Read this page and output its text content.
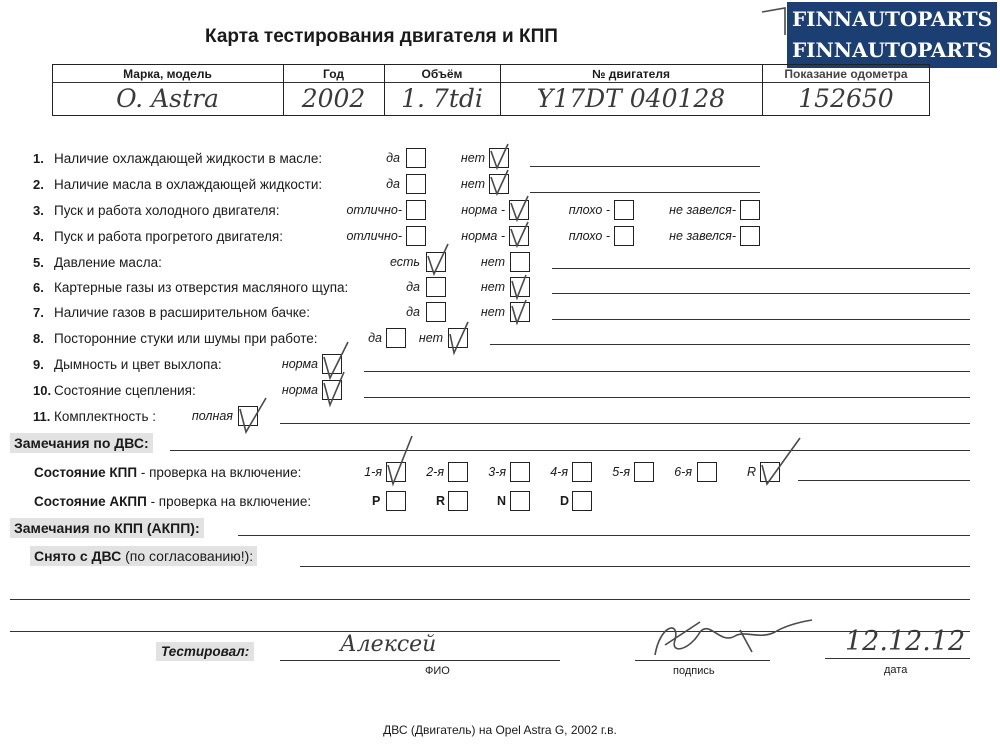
Карта тестирования двигателя и КПП
FINNAUTOPARTS
FINNAUTOPARTS
Марка, модель	Год	Объём	№ двигателя	Показание одометра
O. Astra	2002	1. 7tdi	Y17DT 040128	152650
1. Наличие охлаждающей жидкости в масле:	да	нет
2. Наличие масла в охлаждающей жидкости:	да	нет
3. Пуск и работа холодного двигателя:	отлично-	норма -	плохо -	не завелся-
4. Пуск и работа прогретого двигателя:	отлично-	норма -	плохо -	не завелся-
5. Давление масла:	есть	нет
6. Картерные газы из отверстия масляного щупа:	да	нет
7. Наличие газов в расширительном бачке:	да	нет
8. Посторонние стуки или шумы при работе:	да	нет
9. Дымность и цвет выхлопа:	норма
10. Состояние сцепления:	норма
11. Комплектность :	полная
Замечания по ДВС:
Состояние КПП - проверка на включение:	1-я	2-я	3-я	4-я	5-я	6-я	R
Состояние АКПП - проверка на включение:	P	R	N	D
Замечания по КПП (АКПП):
Снято с ДВС (по согласованию!):
Тестировал:	Алексей	12.12.12
ФИО	подпись	дата
ДВС (Двигатель) на Opel Astra G, 2002 г.в.
